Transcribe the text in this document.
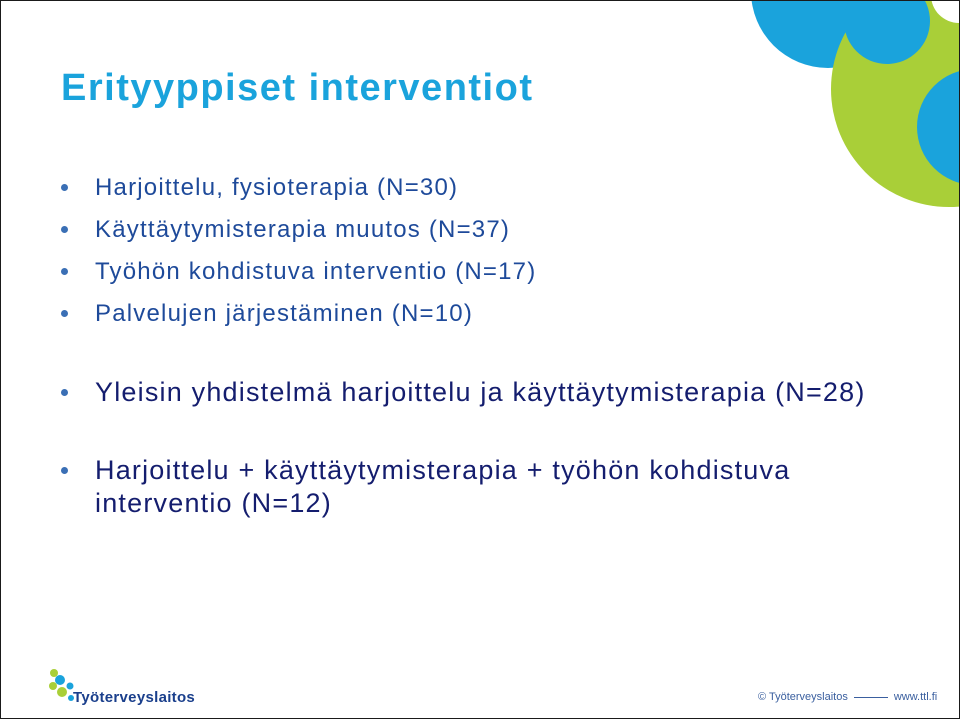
Erityyppiset interventiot
Harjoittelu, fysioterapia (N=30)
Käyttäytymisterapia muutos (N=37)
Työhön kohdistuva interventio (N=17)
Palvelujen järjestäminen (N=10)
Yleisin yhdistelmä harjoittelu ja käyttäytymisterapia (N=28)
Harjoittelu + käyttäytymisterapia + työhön kohdistuva interventio (N=12)
Työterveyslaitos	© Työterveyslaitos	www.ttl.fi
